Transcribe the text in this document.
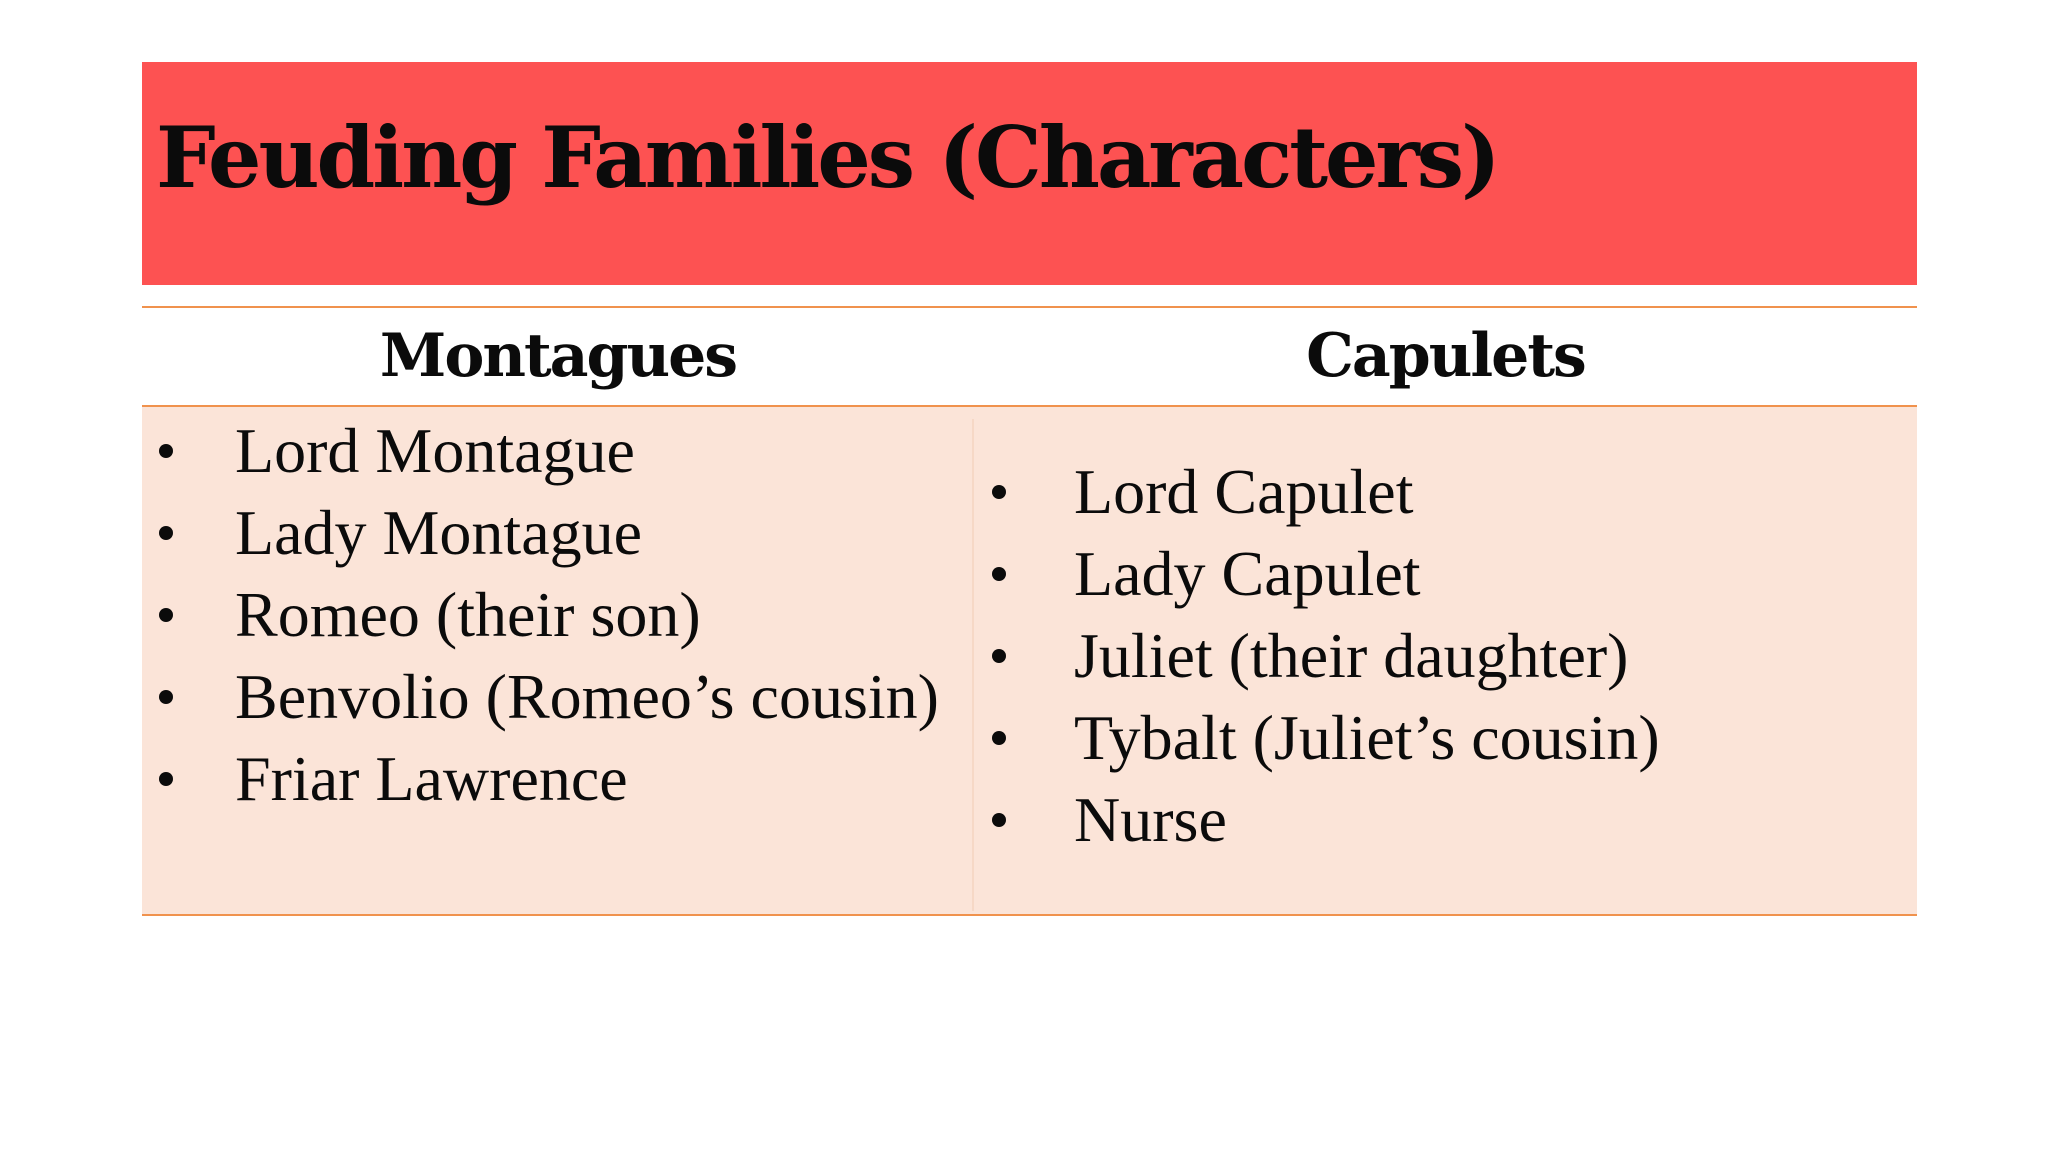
Feuding Families (Characters)
Montagues	Capulets
Lord Montague
Lady Montague
Romeo (their son)
Benvolio (Romeo’s cousin)
Friar Lawrence
Lord Capulet
Lady Capulet
Juliet (their daughter)
Tybalt (Juliet’s cousin)
Nurse
